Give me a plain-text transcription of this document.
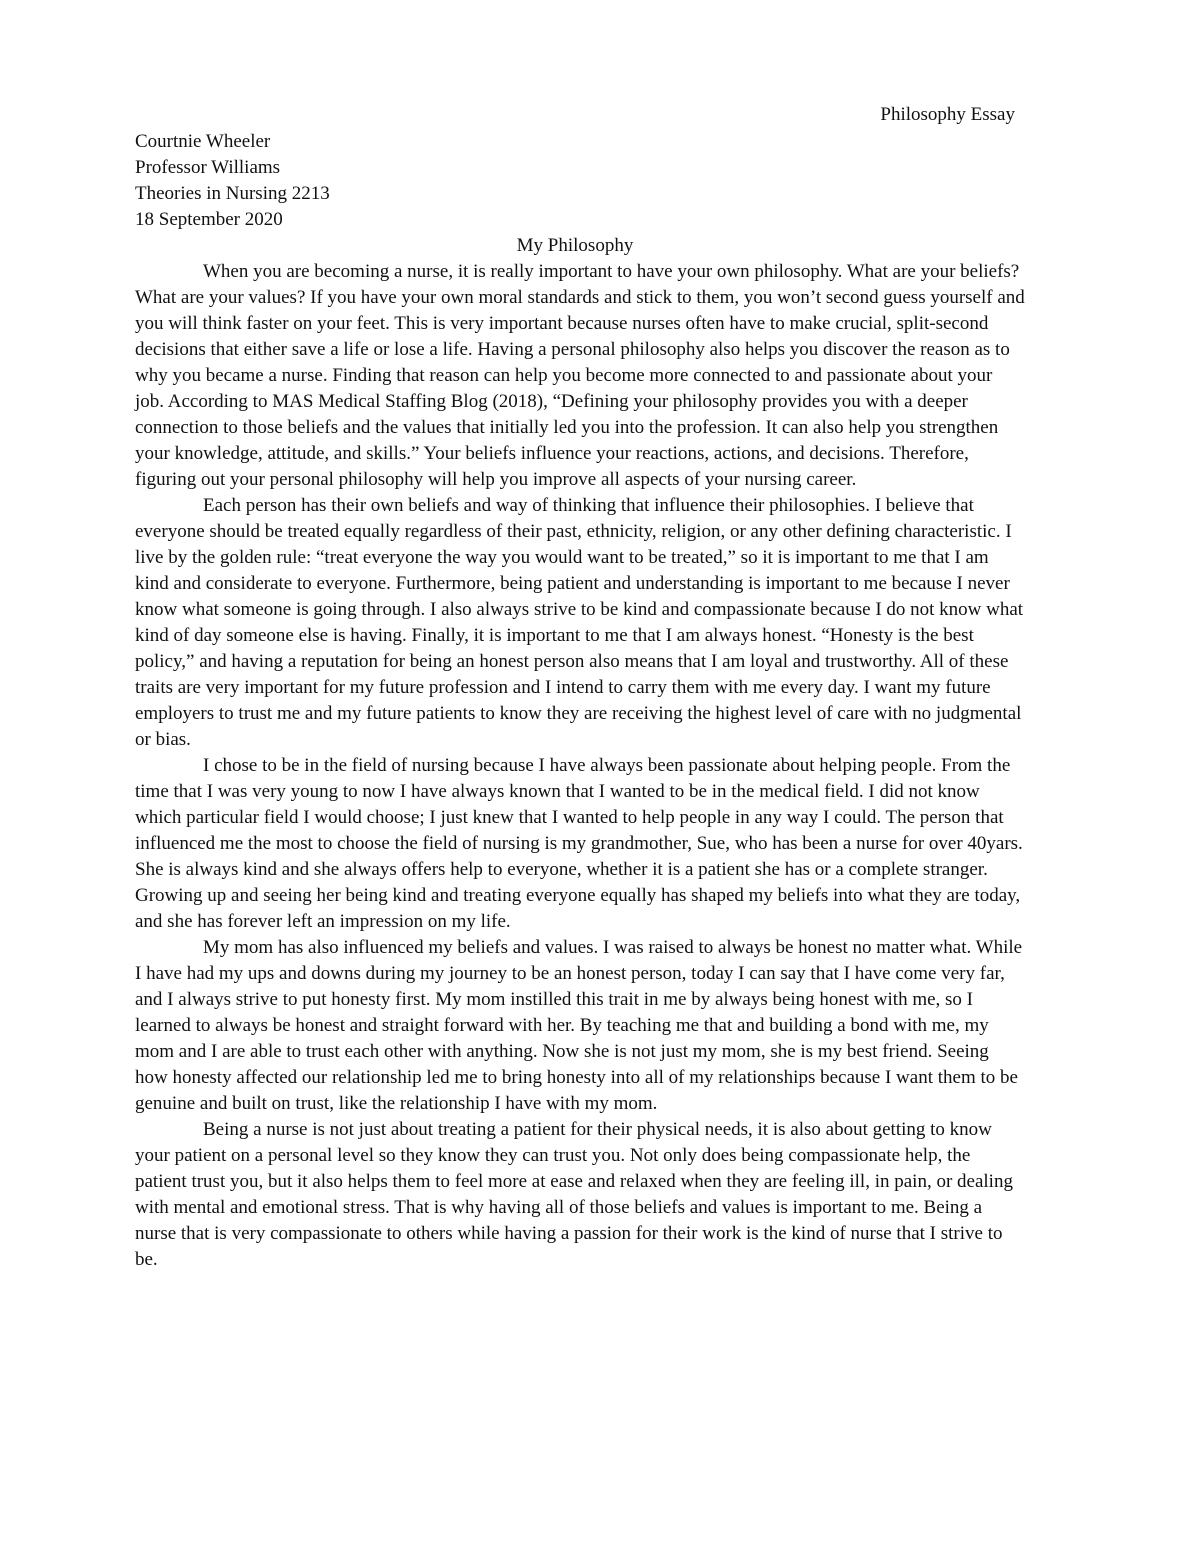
Philosophy Essay

Courtnie Wheeler

Professor Williams

Theories in Nursing 2213

18 September 2020

My Philosophy

When you are becoming a nurse, it is really important to have your own philosophy. What are your beliefs? What are your values? If you have your own moral standards and stick to them, you won’t second guess yourself and you will think faster on your feet. This is very important because nurses often have to make crucial, split-second decisions that either save a life or lose a life. Having a personal philosophy also helps you discover the reason as to why you became a nurse. Finding that reason can help you become more connected to and passionate about your job. According to MAS Medical Staffing Blog (2018), “Defining your philosophy provides you with a deeper connection to those beliefs and the values that initially led you into the profession. It can also help you strengthen your knowledge, attitude, and skills.” Your beliefs influence your reactions, actions, and decisions. Therefore, figuring out your personal philosophy will help you improve all aspects of your nursing career.

Each person has their own beliefs and way of thinking that influence their philosophies. I believe that everyone should be treated equally regardless of their past, ethnicity, religion, or any other defining characteristic. I live by the golden rule: “treat everyone the way you would want to be treated,” so it is important to me that I am kind and considerate to everyone. Furthermore, being patient and understanding is important to me because I never know what someone is going through. I also always strive to be kind and compassionate because I do not know what kind of day someone else is having. Finally, it is important to me that I am always honest. “Honesty is the best policy,” and having a reputation for being an honest person also means that I am loyal and trustworthy. All of these traits are very important for my future profession and I intend to carry them with me every day. I want my future employers to trust me and my future patients to know they are receiving the highest level of care with no judgmental or bias.

I chose to be in the field of nursing because I have always been passionate about helping people. From the time that I was very young to now I have always known that I wanted to be in the medical field. I did not know which particular field I would choose; I just knew that I wanted to help people in any way I could. The person that influenced me the most to choose the field of nursing is my grandmother, Sue, who has been a nurse for over 40yars. She is always kind and she always offers help to everyone, whether it is a patient she has or a complete stranger. Growing up and seeing her being kind and treating everyone equally has shaped my beliefs into what they are today, and she has forever left an impression on my life.

My mom has also influenced my beliefs and values. I was raised to always be honest no matter what. While I have had my ups and downs during my journey to be an honest person, today I can say that I have come very far, and I always strive to put honesty first. My mom instilled this trait in me by always being honest with me, so I learned to always be honest and straight forward with her. By teaching me that and building a bond with me, my mom and I are able to trust each other with anything. Now she is not just my mom, she is my best friend. Seeing how honesty affected our relationship led me to bring honesty into all of my relationships because I want them to be genuine and built on trust, like the relationship I have with my mom.

Being a nurse is not just about treating a patient for their physical needs, it is also about getting to know your patient on a personal level so they know they can trust you. Not only does being compassionate help, the patient trust you, but it also helps them to feel more at ease and relaxed when they are feeling ill, in pain, or dealing with mental and emotional stress. That is why having all of those beliefs and values is important to me. Being a nurse that is very compassionate to others while having a passion for their work is the kind of nurse that I strive to be.
